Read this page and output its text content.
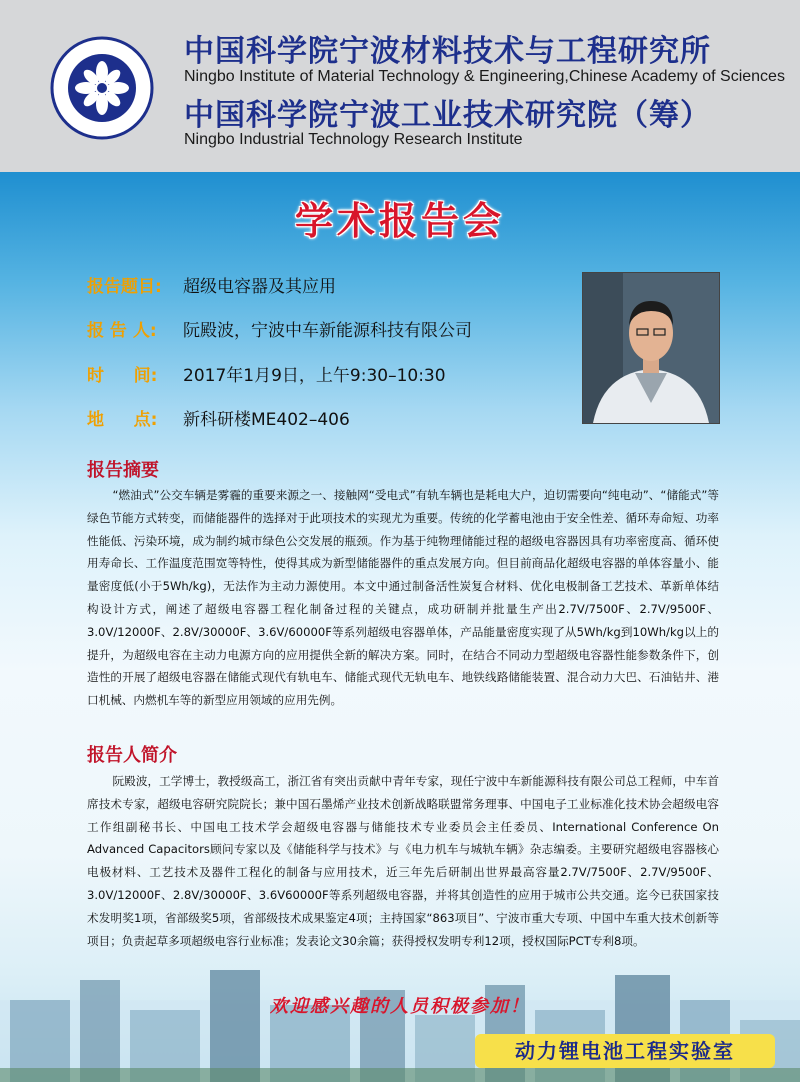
中国科学院宁波材料技术与工程研究所
Ningbo Institute of Material Technology & Engineering,Chinese Academy of Sciences
中国科学院宁波工业技术研究院（筹）
Ningbo Industrial Technology Research Institute
学术报告会
报告题目: 超级电容器及其应用
报 告 人: 阮殿波，宁波中车新能源科技有限公司
时     间: 2017年1月9日，上午9:30–10:30
地     点: 新科研楼ME402–406
报告摘要
“燃油式”公交车辆是雾霾的重要来源之一、接触网“受电式”有轨车辆也是耗电大户，迫切需要向“纯电动”、“储能式”等绿色节能方式转变，而储能器件的选择对于此项技术的实现尤为重要。传统的化学蓄电池由于安全性差、循环寿命短、功率性能低、污染环境，成为制约城市绿色公交发展的瓶颈。作为基于纯物理储能过程的超级电容器因具有功率密度高、循环使用寿命长、工作温度范围宽等特性，使得其成为新型储能器件的重点发展方向。但目前商品化超级电容器的单体容量小、能量密度低(小于5Wh/kg)，无法作为主动力源使用。本文中通过制备活性炭复合材料、优化电极制备工艺技术、革新单体结构设计方式，阐述了超级电容器工程化制备过程的关键点，成功研制并批量生产出2.7V/7500F、2.7V/9500F、3.0V/12000F、2.8V/30000F、3.6V/60000F等系列超级电容器单体，产品能量密度实现了从5Wh/kg到10Wh/kg以上的提升，为超级电容在主动力电源方向的应用提供全新的解决方案。同时，在结合不同动力型超级电容器性能参数条件下，创造性的开展了超级电容器在储能式现代有轨电车、储能式现代无轨电车、地铁线路储能装置、混合动力大巴、石油钻井、港口机械、内燃机车等的新型应用领域的应用先例。
报告人简介
阮殿波，工学博士，教授级高工，浙江省有突出贡献中青年专家，现任宁波中车新能源科技有限公司总工程师，中车首席技术专家，超级电容研究院院长；兼中国石墨烯产业技术创新战略联盟常务理事、中国电子工业标准化技术协会超级电容工作组副秘书长、中国电工技术学会超级电容器与储能技术专业委员会主任委员、International Conference On Advanced Capacitors顾问专家以及《储能科学与技术》与《电力机车与城轨车辆》杂志编委。主要研究超级电容器核心电极材料、工艺技术及器件工程化的制备与应用技术，近三年先后研制出世界最高容量2.7V/7500F、2.7V/9500F、3.0V/12000F、2.8V/30000F、3.6V60000F等系列超级电容器，并将其创造性的应用于城市公共交通。迄今已获国家技术发明奖1项，省部级奖5项，省部级技术成果鉴定4项；主持国家“863项目”、宁波市重大专项、中国中车重大技术创新等项目；负责起草多项超级电容行业标准；发表论文30余篇；获得授权发明专利12项，授权国际PCT专利8项。
欢迎感兴趣的人员积极参加！
动力锂电池工程实验室
